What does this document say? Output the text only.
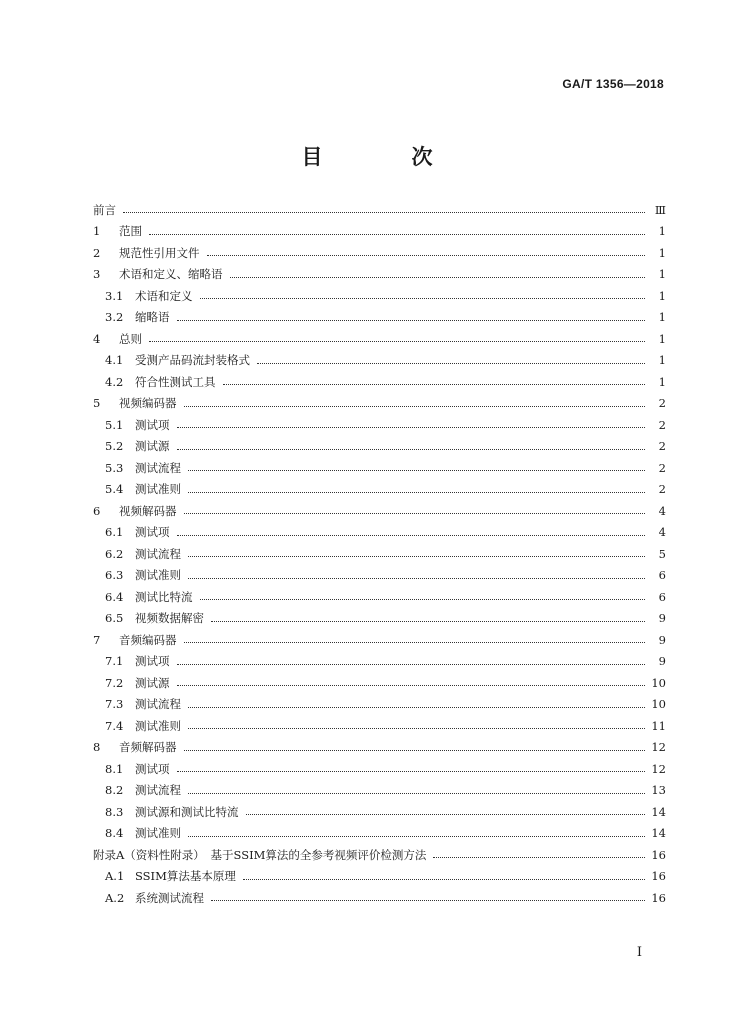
GA/T 1356—2018
目　次
前言	Ⅲ
1	范围	1
2	规范性引用文件	1
3	术语和定义、缩略语	1
3.1	术语和定义	1
3.2	缩略语	1
4	总则	1
4.1	受测产品码流封装格式	1
4.2	符合性测试工具	1
5	视频编码器	2
5.1	测试项	2
5.2	测试源	2
5.3	测试流程	2
5.4	测试准则	2
6	视频解码器	4
6.1	测试项	4
6.2	测试流程	5
6.3	测试准则	6
6.4	测试比特流	6
6.5	视频数据解密	9
7	音频编码器	9
7.1	测试项	9
7.2	测试源	10
7.3	测试流程	10
7.4	测试准则	11
8	音频解码器	12
8.1	测试项	12
8.2	测试流程	13
8.3	测试源和测试比特流	14
8.4	测试准则	14
附录A（资料性附录）　基于SSIM算法的全参考视频评价检测方法	16
A.1 SSIM算法基本原理	16
A.2 系统测试流程	16
I
